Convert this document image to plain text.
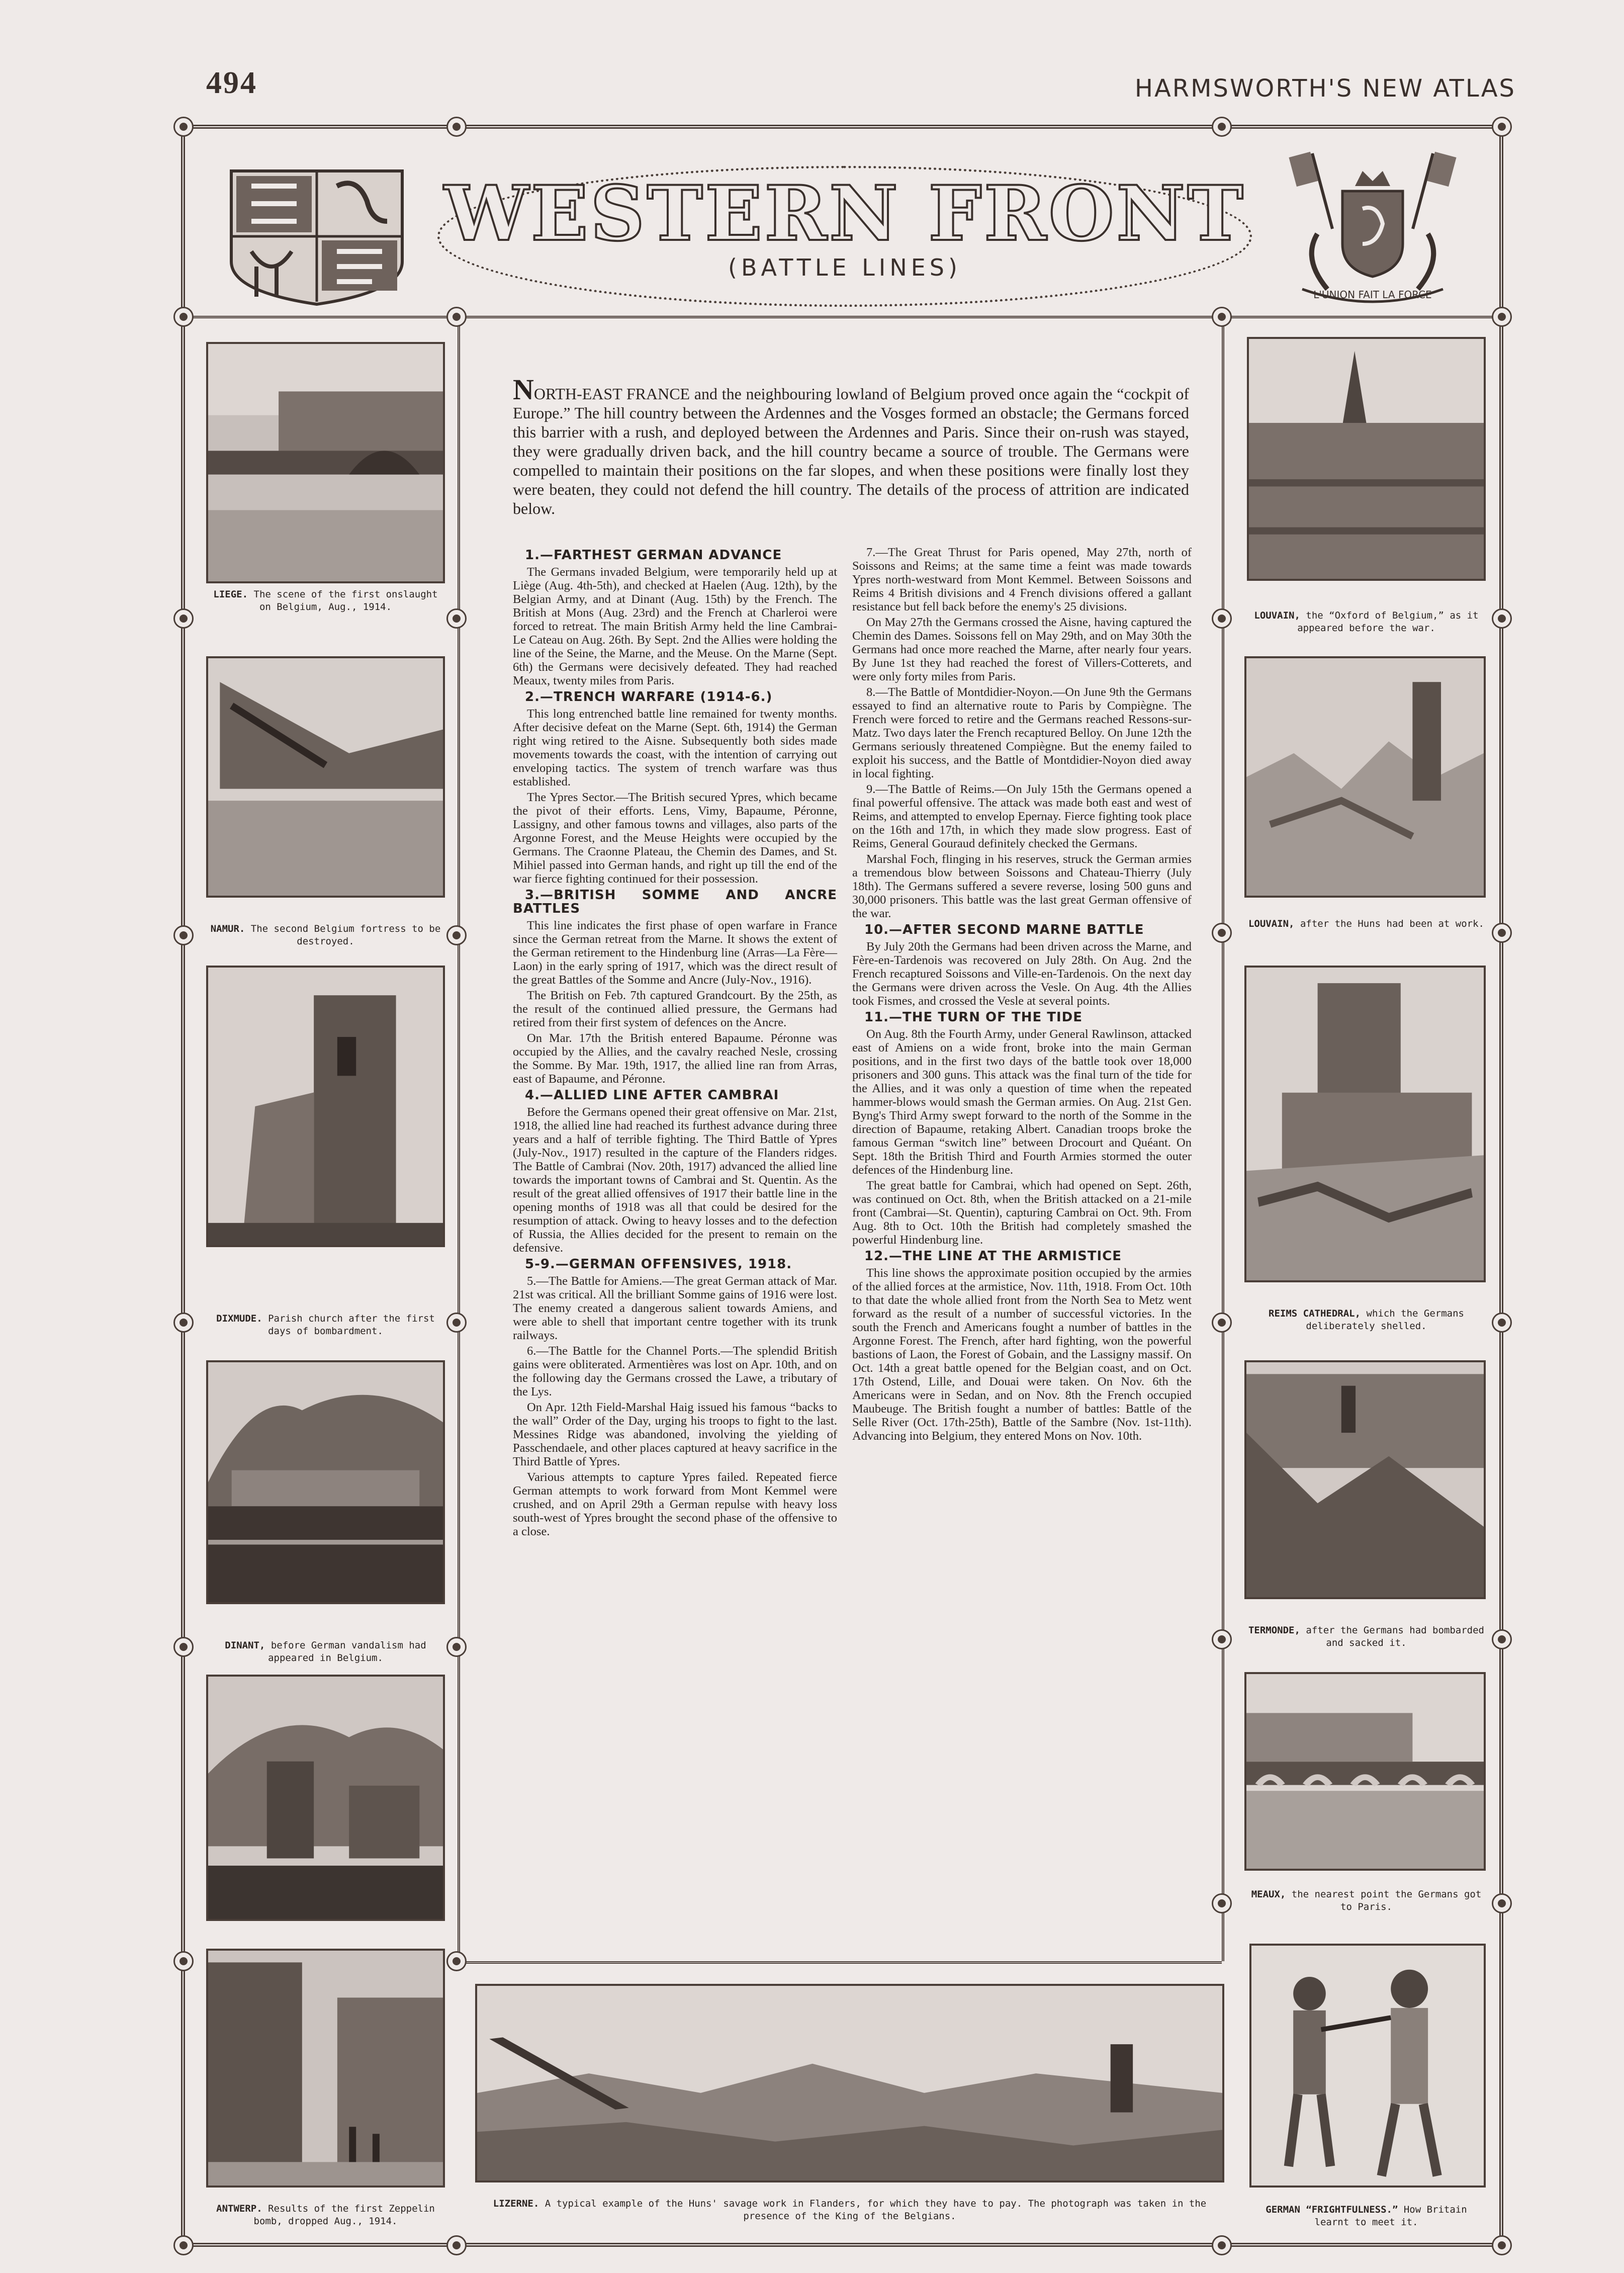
494	HARMSWORTH'S NEW ATLAS
WESTERN FRONT
(BATTLE LINES)
L'UNION FAIT LA FORCE
LIEGE. The scene of the first onslaught on Belgium, Aug., 1914.
NAMUR. The second Belgium fortress to be destroyed.
DIXMUDE. Parish church after the first days of bombardment.
DINANT, before German vandalism had appeared in Belgium.
ANTWERP. Results of the first Zeppelin bomb, dropped Aug., 1914.
LOUVAIN, the “Oxford of Belgium,” as it appeared before the war.
LOUVAIN, after the Huns had been at work.
REIMS CATHEDRAL, which the Germans deliberately shelled.
TERMONDE, after the Germans had bombarded and sacked it.
MEAUX, the nearest point the Germans got to Paris.
GERMAN “FRIGHTFULNESS.” How Britain learnt to meet it.
LIZERNE. A typical example of the Huns' savage work in Flanders, for which they have to pay. The photograph was taken in the presence of the King of the Belgians.
NORTH-EAST FRANCE and the neighbouring lowland of Belgium proved once again the “cockpit of Europe.” The hill country between the Ardennes and the Vosges formed an obstacle; the Germans forced this barrier with a rush, and deployed between the Ardennes and Paris. Since their on-rush was stayed, they were gradually driven back, and the hill country became a source of trouble. The Germans were compelled to maintain their positions on the far slopes, and when these positions were finally lost they were beaten, they could not defend the hill country. The details of the process of attrition are indicated below.
1.—FARTHEST GERMAN ADVANCE

The Germans invaded Belgium, were temporarily held up at Liège (Aug. 4th-5th), and checked at Haelen (Aug. 12th), by the Belgian Army, and at Dinant (Aug. 15th) by the French. The British at Mons (Aug. 23rd) and the French at Charleroi were forced to retreat. The main British Army held the line Cambrai-Le Cateau on Aug. 26th. By Sept. 2nd the Allies were holding the line of the Seine, the Marne, and the Meuse. On the Marne (Sept. 6th) the Germans were decisively defeated. They had reached Meaux, twenty miles from Paris.

2.—TRENCH WARFARE (1914-6.)

This long entrenched battle line remained for twenty months. After decisive defeat on the Marne (Sept. 6th, 1914) the German right wing retired to the Aisne. Subsequently both sides made movements towards the coast, with the intention of carrying out enveloping tactics. The system of trench warfare was thus established.

The Ypres Sector.—The British secured Ypres, which became the pivot of their efforts. Lens, Vimy, Bapaume, Péronne, Lassigny, and other famous towns and villages, also parts of the Argonne Forest, and the Meuse Heights were occupied by the Germans. The Craonne Plateau, the Chemin des Dames, and St. Mihiel passed into German hands, and right up till the end of the war fierce fighting continued for their possession.

3.—BRITISH SOMME AND ANCRE BATTLES

This line indicates the first phase of open warfare in France since the German retreat from the Marne. It shows the extent of the German retirement to the Hindenburg line (Arras—La Fère—Laon) in the early spring of 1917, which was the direct result of the great Battles of the Somme and Ancre (July-Nov., 1916).

The British on Feb. 7th captured Grandcourt. By the 25th, as the result of the continued allied pressure, the Germans had retired from their first system of defences on the Ancre.

On Mar. 17th the British entered Bapaume. Péronne was occupied by the Allies, and the cavalry reached Nesle, crossing the Somme. By Mar. 19th, 1917, the allied line ran from Arras, east of Bapaume, and Péronne.

4.—ALLIED LINE AFTER CAMBRAI

Before the Germans opened their great offensive on Mar. 21st, 1918, the allied line had reached its furthest advance during three years and a half of terrible fighting. The Third Battle of Ypres (July-Nov., 1917) resulted in the capture of the Flanders ridges. The Battle of Cambrai (Nov. 20th, 1917) advanced the allied line towards the important towns of Cambrai and St. Quentin. As the result of the great allied offensives of 1917 their battle line in the opening months of 1918 was all that could be desired for the resumption of attack. Owing to heavy losses and to the defection of Russia, the Allies decided for the present to remain on the defensive.

5-9.—GERMAN OFFENSIVES, 1918.

5.—The Battle for Amiens.—The great German attack of Mar. 21st was critical. All the brilliant Somme gains of 1916 were lost. The enemy created a dangerous salient towards Amiens, and were able to shell that important centre together with its trunk railways.

6.—The Battle for the Channel Ports.—The splendid British gains were obliterated. Armentières was lost on Apr. 10th, and on the following day the Germans crossed the Lawe, a tributary of the Lys.

On Apr. 12th Field-Marshal Haig issued his famous “backs to the wall” Order of the Day, urging his troops to fight to the last. Messines Ridge was abandoned, involving the yielding of Passchendaele, and other places captured at heavy sacrifice in the Third Battle of Ypres.

Various attempts to capture Ypres failed. Repeated fierce German attempts to work forward from Mont Kemmel were crushed, and on April 29th a German repulse with heavy loss south-west of Ypres brought the second phase of the offensive to a close.

7.—The Great Thrust for Paris opened, May 27th, north of Soissons and Reims; at the same time a feint was made towards Ypres north-westward from Mont Kemmel. Between Soissons and Reims 4 British divisions and 4 French divisions offered a gallant resistance but fell back before the enemy's 25 divisions.

On May 27th the Germans crossed the Aisne, having captured the Chemin des Dames. Soissons fell on May 29th, and on May 30th the Germans had once more reached the Marne, after nearly four years. By June 1st they had reached the forest of Villers-Cotterets, and were only forty miles from Paris.

8.—The Battle of Montdidier-Noyon.—On June 9th the Germans essayed to find an alternative route to Paris by Compiègne. The French were forced to retire and the Germans reached Ressons-sur-Matz. Two days later the French recaptured Belloy. On June 12th the Germans seriously threatened Compiègne. But the enemy failed to exploit his success, and the Battle of Montdidier-Noyon died away in local fighting.

9.—The Battle of Reims.—On July 15th the Germans opened a final powerful offensive. The attack was made both east and west of Reims, and attempted to envelop Epernay. Fierce fighting took place on the 16th and 17th, in which they made slow progress. East of Reims, General Gouraud definitely checked the Germans.

Marshal Foch, flinging in his reserves, struck the German armies a tremendous blow between Soissons and Chateau-Thierry (July 18th). The Germans suffered a severe reverse, losing 500 guns and 30,000 prisoners. This battle was the last great German offensive of the war.

10.—AFTER SECOND MARNE BATTLE

By July 20th the Germans had been driven across the Marne, and Fère-en-Tardenois was recovered on July 28th. On Aug. 2nd the French recaptured Soissons and Ville-en-Tardenois. On the next day the Germans were driven across the Vesle. On Aug. 4th the Allies took Fismes, and crossed the Vesle at several points.

11.—THE TURN OF THE TIDE

On Aug. 8th the Fourth Army, under General Rawlinson, attacked east of Amiens on a wide front, broke into the main German positions, and in the first two days of the battle took over 18,000 prisoners and 300 guns. This attack was the final turn of the tide for the Allies, and it was only a question of time when the repeated hammer-blows would smash the German armies. On Aug. 21st Gen. Byng's Third Army swept forward to the north of the Somme in the direction of Bapaume, retaking Albert. Canadian troops broke the famous German “switch line” between Drocourt and Quéant. On Sept. 18th the British Third and Fourth Armies stormed the outer defences of the Hindenburg line.

The great battle for Cambrai, which had opened on Sept. 26th, was continued on Oct. 8th, when the British attacked on a 21-mile front (Cambrai—St. Quentin), capturing Cambrai on Oct. 9th. From Aug. 8th to Oct. 10th the British had completely smashed the powerful Hindenburg line.

12.—THE LINE AT THE ARMISTICE

This line shows the approximate position occupied by the armies of the allied forces at the armistice, Nov. 11th, 1918. From Oct. 10th to that date the whole allied front from the North Sea to Metz went forward as the result of a number of successful victories. In the south the French and Americans fought a number of battles in the Argonne Forest. The French, after hard fighting, won the powerful bastions of Laon, the Forest of Gobain, and the Lassigny massif. On Oct. 14th a great battle opened for the Belgian coast, and on Oct. 17th Ostend, Lille, and Douai were taken. On Nov. 6th the Americans were in Sedan, and on Nov. 8th the French occupied Maubeuge. The British fought a number of battles: Battle of the Selle River (Oct. 17th-25th), Battle of the Sambre (Nov. 1st-11th). Advancing into Belgium, they entered Mons on Nov. 10th.
